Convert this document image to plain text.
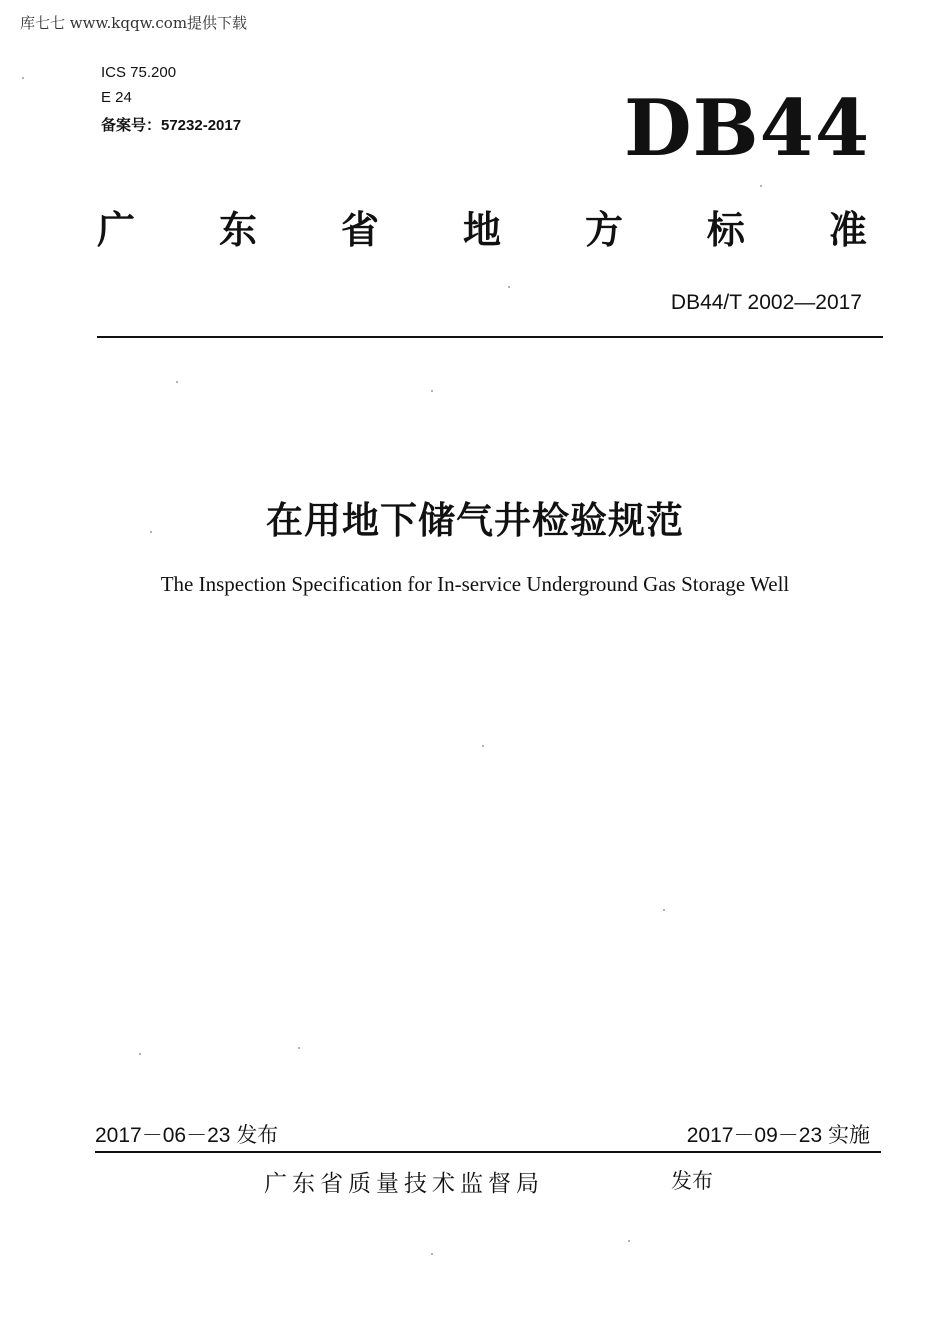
库七七 www.kqqw.com提供下载
ICS 75.200
E 24
备案号：57232-2017	DB44
广 东 省 地 方 标 准
DB44/T 2002—2017
在用地下储气井检验规范
The Inspection Specification for In-service Underground Gas Storage Well
2017－06－23 发布	2017－09－23 实施
广东省质量技术监督局	发布
